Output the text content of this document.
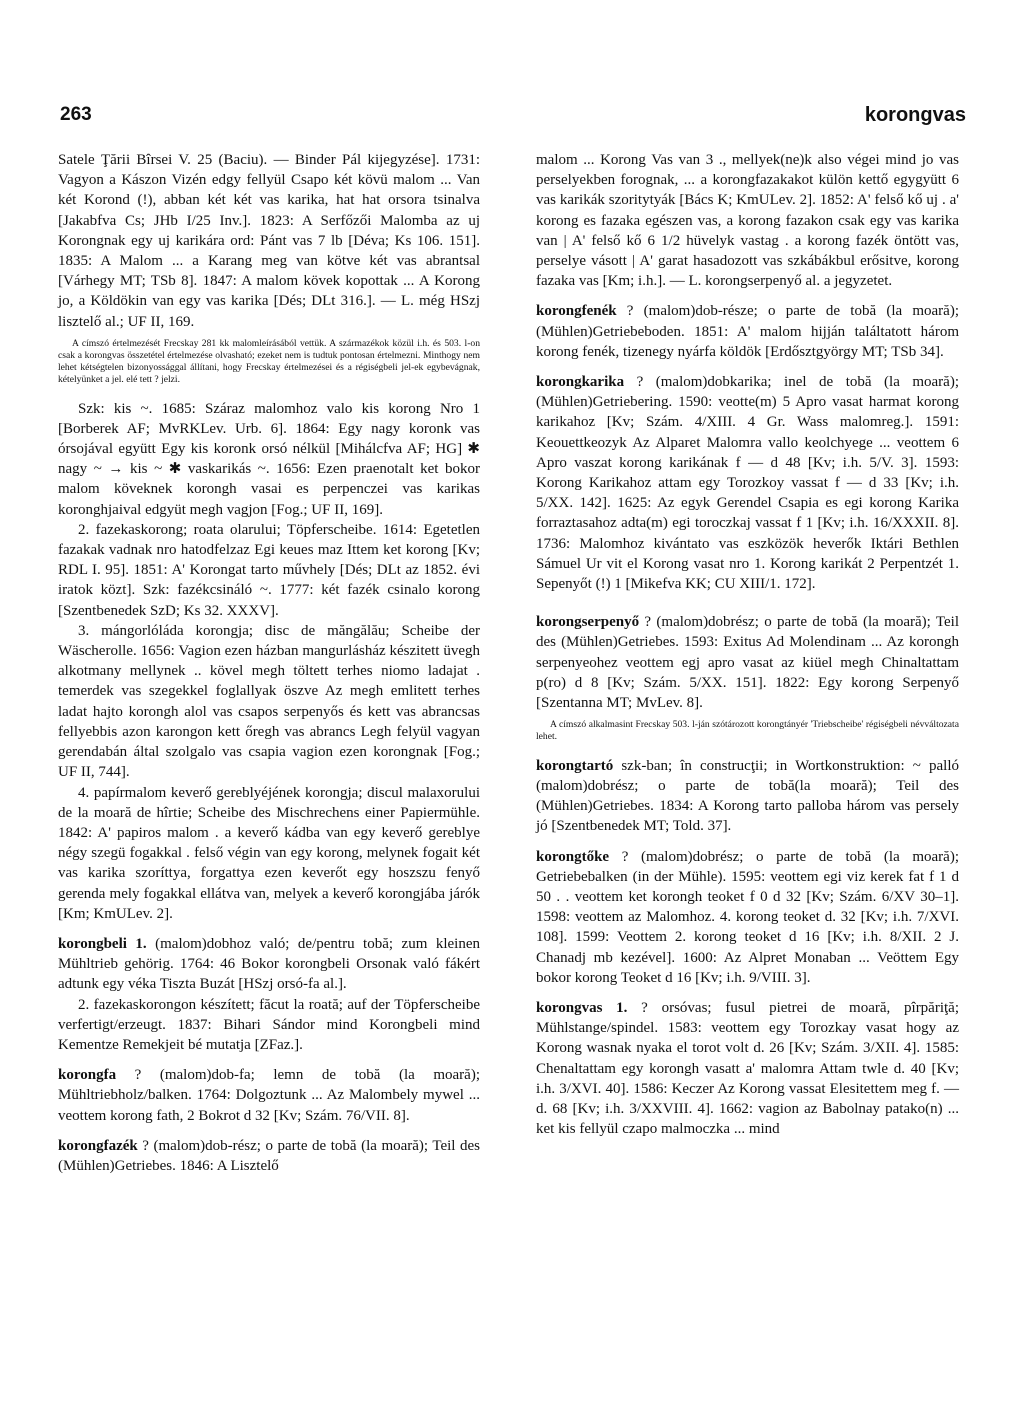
263	korongvas

Satele Ţării Bîrsei V. 25 (Baciu). — Binder Pál kijegyzése]. 1731: Vagyon a Kászon Vizén edgy fellyül Csapo két kövü malom ... Van két Korond (!), abban két két vas karika, hat hat orsora tsinalva [Jakabfva Cs; JHb I/25 Inv.]. 1823: A Serfőzői Malomba az uj Korongnak egy uj karikára ord: Pánt vas 7 lb [Déva; Ks 106. 151]. 1835: A Malom ... a Karang meg van kötve két vas abrantsal [Várhegy MT; TSb 8]. 1847: A malom kövek kopottak ... A Korong jo, a Köldökin van egy vas karika [Dés; DLt 316.]. — L. még HSzj lisztelő al.; UF II, 169.

A címszó értelmezését Frecskay 281 kk malomleírásából vettük. A származékok közül i.h. és 503. l-on csak a korongvas összetétel értelmezése olvasható; ezeket nem is tudtuk pontosan értelmezni. Minthogy nem lehet kétségtelen bizonyossággal állítani, hogy Frecskay értelmezései és a régiségbeli jel-ek egybevágnak, kételyünket a jel. elé tett ? jelzi.

Szk: kis ~. 1685: Száraz malomhoz valo kis korong Nro 1 [Borberek AF; MvRKLev. Urb. 6]. 1864: Egy nagy koronk vas órsojával együtt Egy kis koronk orsó nélkül [Mihálcfva AF; HG] ✱ nagy ~ → kis ~ ✱ vaskarikás ~. 1656: Ezen praenotalt ket bokor malom köveknek korongh vasai es perpenczei vas karikas koronghjaival edgyüt megh vagjon [Fog.; UF II, 169].

2. fazekaskorong; roata olarului; Töpferscheibe. 1614: Egetetlen fazakak vadnak nro hatodfelzaz Egi keues maz Ittem ket korong [Kv; RDL I. 95]. 1851: A' Korongat tarto művhely [Dés; DLt az 1852. évi iratok közt]. Szk: fazékcsináló ~. 1777: két fazék csinalo korong [Szentbenedek SzD; Ks 32. XXXV].

3. mángorlóláda korongja; disc de măngălău; Scheibe der Wäscherolle. 1656: Vagion ezen házban mangurlásház készitett üvegh alkotmany mellynek .. kövel megh töltett terhes niomo ladajat . temerdek vas szegekkel foglallyak öszve Az megh emlitett terhes ladat hajto korongh alol vas csapos serpenyős és kett vas abrancsas fellyebbis azon karongon kett őregh vas abrancs Legh felyül vagyan gerendabán által szolgalo vas csapia vagion ezen korongnak [Fog.; UF II, 744].

4. papírmalom keverő gereblyéjének korongja; discul malaxorului de la moară de hîrtie; Scheibe des Mischrechens einer Papiermühle. 1842: A' papiros malom . a keverő kádba van egy keverő gereblye négy szegü fogakkal . felső végin van egy korong, melynek fogait két vas karika szoríttya, forgattya ezen keverőt egy hoszszu fenyő gerenda mely fogakkal ellátva van, melyek a keverő korongjába járók [Km; KmULev. 2].

korongbeli 1. (malom)dobhoz való; de/pentru tobă; zum kleinen Mühltrieb gehörig. 1764: 46 Bokor korongbeli Orsonak való fákért adtunk egy véka Tiszta Buzát [HSzj orsó-fa al.].

2. fazekaskorongon készített; făcut la roată; auf der Töpferscheibe verfertigt/erzeugt. 1837: Bihari Sándor mind Korongbeli mind Kementze Remekjeit bé mutatja [ZFaz.].

korongfa ? (malom)dob-fa; lemn de tobă (la moară); Mühltriebholz/balken. 1764: Dolgoztunk ... Az Malombely mywel ... veottem korong fath, 2 Bokrot d 32 [Kv; Szám. 76/VII. 8].

korongfazék ? (malom)dob-rész; o parte de tobă (la moară); Teil des (Mühlen)Getriebes. 1846: A Lisztelő

malom ... Korong Vas van 3 ., mellyek(ne)k also végei mind jo vas perselyekben forognak, ... a korongfazakakot külön kettő egygyütt 6 vas karikák szoritytyák [Bács K; KmULev. 2]. 1852: A' felső kő uj . a' korong es fazaka egészen vas, a korong fazakon csak egy vas karika van | A' felső kő 6 1/2 hüvelyk vastag . a korong fazék öntött vas, perselye vásott | A' garat hasadozott vas szkábákbul erősitve, korong fazaka vas [Km; i.h.]. — L. korongserpenyő al. a jegyzetet.

korongfenék ? (malom)dob-része; o parte de tobă (la moară); (Mühlen)Getriebeboden. 1851: A' malom hijján találtatott három korong fenék, tizenegy nyárfa köldök [Erdősztgyörgy MT; TSb 34].

korongkarika ? (malom)dobkarika; inel de tobă (la moară); (Mühlen)Getriebering. 1590: veotte(m) 5 Apro vasat harmat korong karikahoz [Kv; Szám. 4/XIII. 4 Gr. Wass malomreg.]. 1591: Keouettkeozyk Az Alparet Malomra vallo keolchyege ... veottem 6 Apro vaszat korong karikának f — d 48 [Kv; i.h. 5/V. 3]. 1593: Korong Karikahoz attam egy Torozkoy vassat f — d 33 [Kv; i.h. 5/XX. 142]. 1625: Az egyk Gerendel Csapia es egi korong Karika forraztasahoz adta(m) egi toroczkaj vassat f 1 [Kv; i.h. 16/XXXII. 8]. 1736: Malomhoz kivántato vas eszközök heverők Iktári Bethlen Sámuel Ur vit el Korong vasat nro 1. Korong karikát 2 Perpentzét 1. Sepenyőt (!) 1 [Mikefva KK; CU XIII/1. 172].

korongserpenyő ? (malom)dobrész; o parte de tobă (la moară); Teil des (Mühlen)Getriebes. 1593: Exitus Ad Molendinam ... Az korongh serpenyeohez veottem egj apro vasat az kiüel megh Chinaltattam p(ro) d 8 [Kv; Szám. 5/XX. 151]. 1822: Egy korong Serpenyő [Szentanna MT; MvLev. 8].

A címszó alkalmasint Frecskay 503. l-ján szótározott korongtányér 'Triebscheibe' régiségbeli névváltozata lehet.

korongtartó szk-ban; în construcţii; in Wortkonstruktion: ~ palló (malom)dobrész; o parte de tobă(la moară); Teil des (Mühlen)Getriebes. 1834: A Korong tarto palloba három vas persely jó [Szentbenedek MT; Told. 37].

korongtőke ? (malom)dobrész; o parte de tobă (la moară); Getriebebalken (in der Mühle). 1595: veottem egi viz kerek fat f 1 d 50 . . veottem ket korongh teoket f 0 d 32 [Kv; Szám. 6/XV 30–1]. 1598: veottem az Malomhoz. 4. korong teoket d. 32 [Kv; i.h. 7/XVI. 108]. 1599: Veottem 2. korong teoket d 16 [Kv; i.h. 8/XII. 2 J. Chanadj mb kezével]. 1600: Az Alpret Monaban ... Veöttem Egy bokor korong Teoket d 16 [Kv; i.h. 9/VIII. 3].

korongvas 1. ? orsóvas; fusul pietrei de moară, pîrpăriţă; Mühlstange/spindel. 1583: veottem egy Torozkay vasat hogy az Korong wasnak nyaka el torot volt d. 26 [Kv; Szám. 3/XII. 4]. 1585: Chenaltattam egy korongh vasatt a' malomra Attam twle d. 40 [Kv; i.h. 3/XVI. 40]. 1586: Keczer Az Korong vassat Elesitettem meg f. — d. 68 [Kv; i.h. 3/XXVIII. 4]. 1662: vagion az Babolnay patako(n) ... ket kis fellyül czapo malmoczka ... mind
